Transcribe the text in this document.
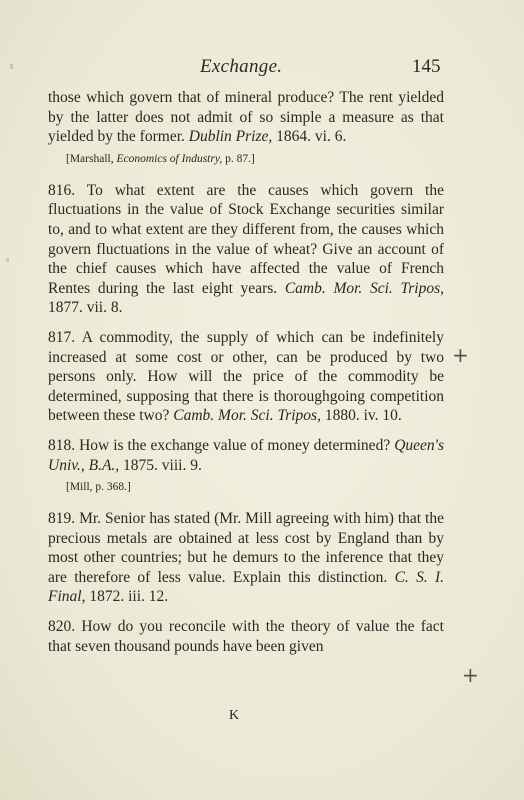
Exchange.	145

those which govern that of mineral produce? The rent yielded by the latter does not admit of so simple a measure as that yielded by the former. Dublin Prize, 1864. vi. 6.

[Marshall, Economics of Industry, p. 87.]

816. To what extent are the causes which govern the fluctuations in the value of Stock Exchange securities similar to, and to what extent are they different from, the causes which govern fluctuations in the value of wheat? Give an account of the chief causes which have affected the value of French Rentes during the last eight years. Camb. Mor. Sci. Tripos, 1877. vii. 8.

817. A commodity, the supply of which can be indefinitely increased at some cost or other, can be produced by two persons only. How will the price of the commodity be determined, supposing that there is thoroughgoing competition between these two? Camb. Mor. Sci. Tripos, 1880. iv. 10.

818. How is the exchange value of money determined? Queen's Univ., B.A., 1875. viii. 9.

[Mill, p. 368.]

819. Mr. Senior has stated (Mr. Mill agreeing with him) that the precious metals are obtained at less cost by England than by most other countries; but he demurs to the inference that they are therefore of less value. Explain this distinction. C. S. I. Final, 1872. iii. 12.

820. How do you reconcile with the theory of value the fact that seven thousand pounds have been given

+
+
K
